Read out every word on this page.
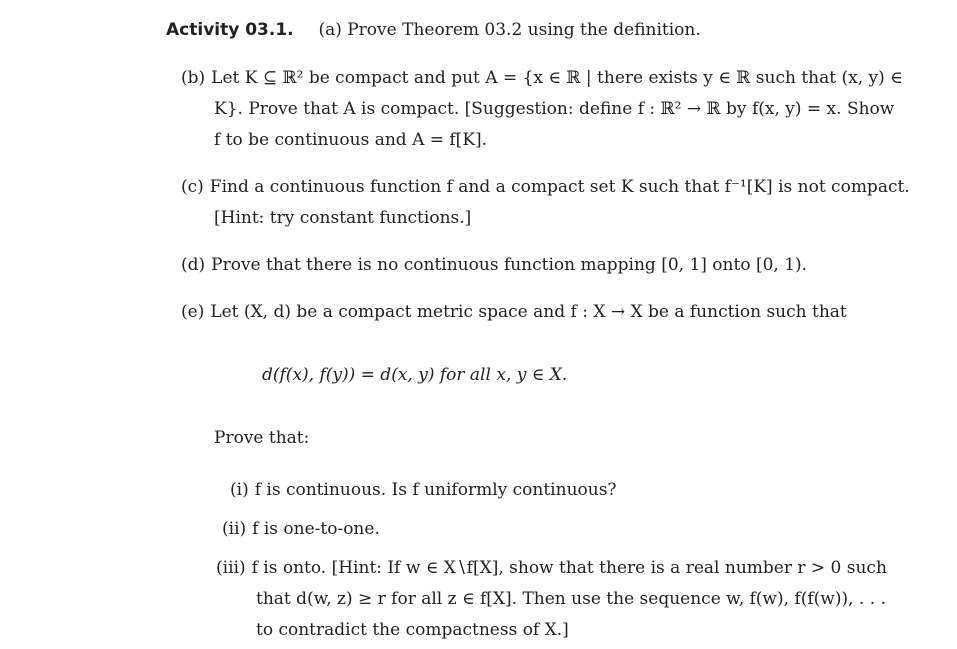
Activity 03.1. (a) Prove Theorem 03.2 using the definition.
(b) Let K ⊆ ℝ² be compact and put A = {x ∈ ℝ | there exists y ∈ ℝ such that (x, y) ∈
K}. Prove that A is compact. [Suggestion: define f : ℝ² → ℝ by f(x, y) = x. Show
f to be continuous and A = f[K].
(c) Find a continuous function f and a compact set K such that f⁻¹[K] is not compact.
[Hint: try constant functions.]
(d) Prove that there is no continuous function mapping [0, 1] onto [0, 1).
(e) Let (X, d) be a compact metric space and f : X → X be a function such that
d(f(x), f(y)) = d(x, y) for all x, y ∈ X.
Prove that:
(i) f is continuous. Is f uniformly continuous?
(ii) f is one-to-one.
(iii) f is onto. [Hint: If w ∈ X∖f[X], show that there is a real number r > 0 such
that d(w, z) ≥ r for all z ∈ f[X]. Then use the sequence w, f(w), f(f(w)), . . .
to contradict the compactness of X.]
